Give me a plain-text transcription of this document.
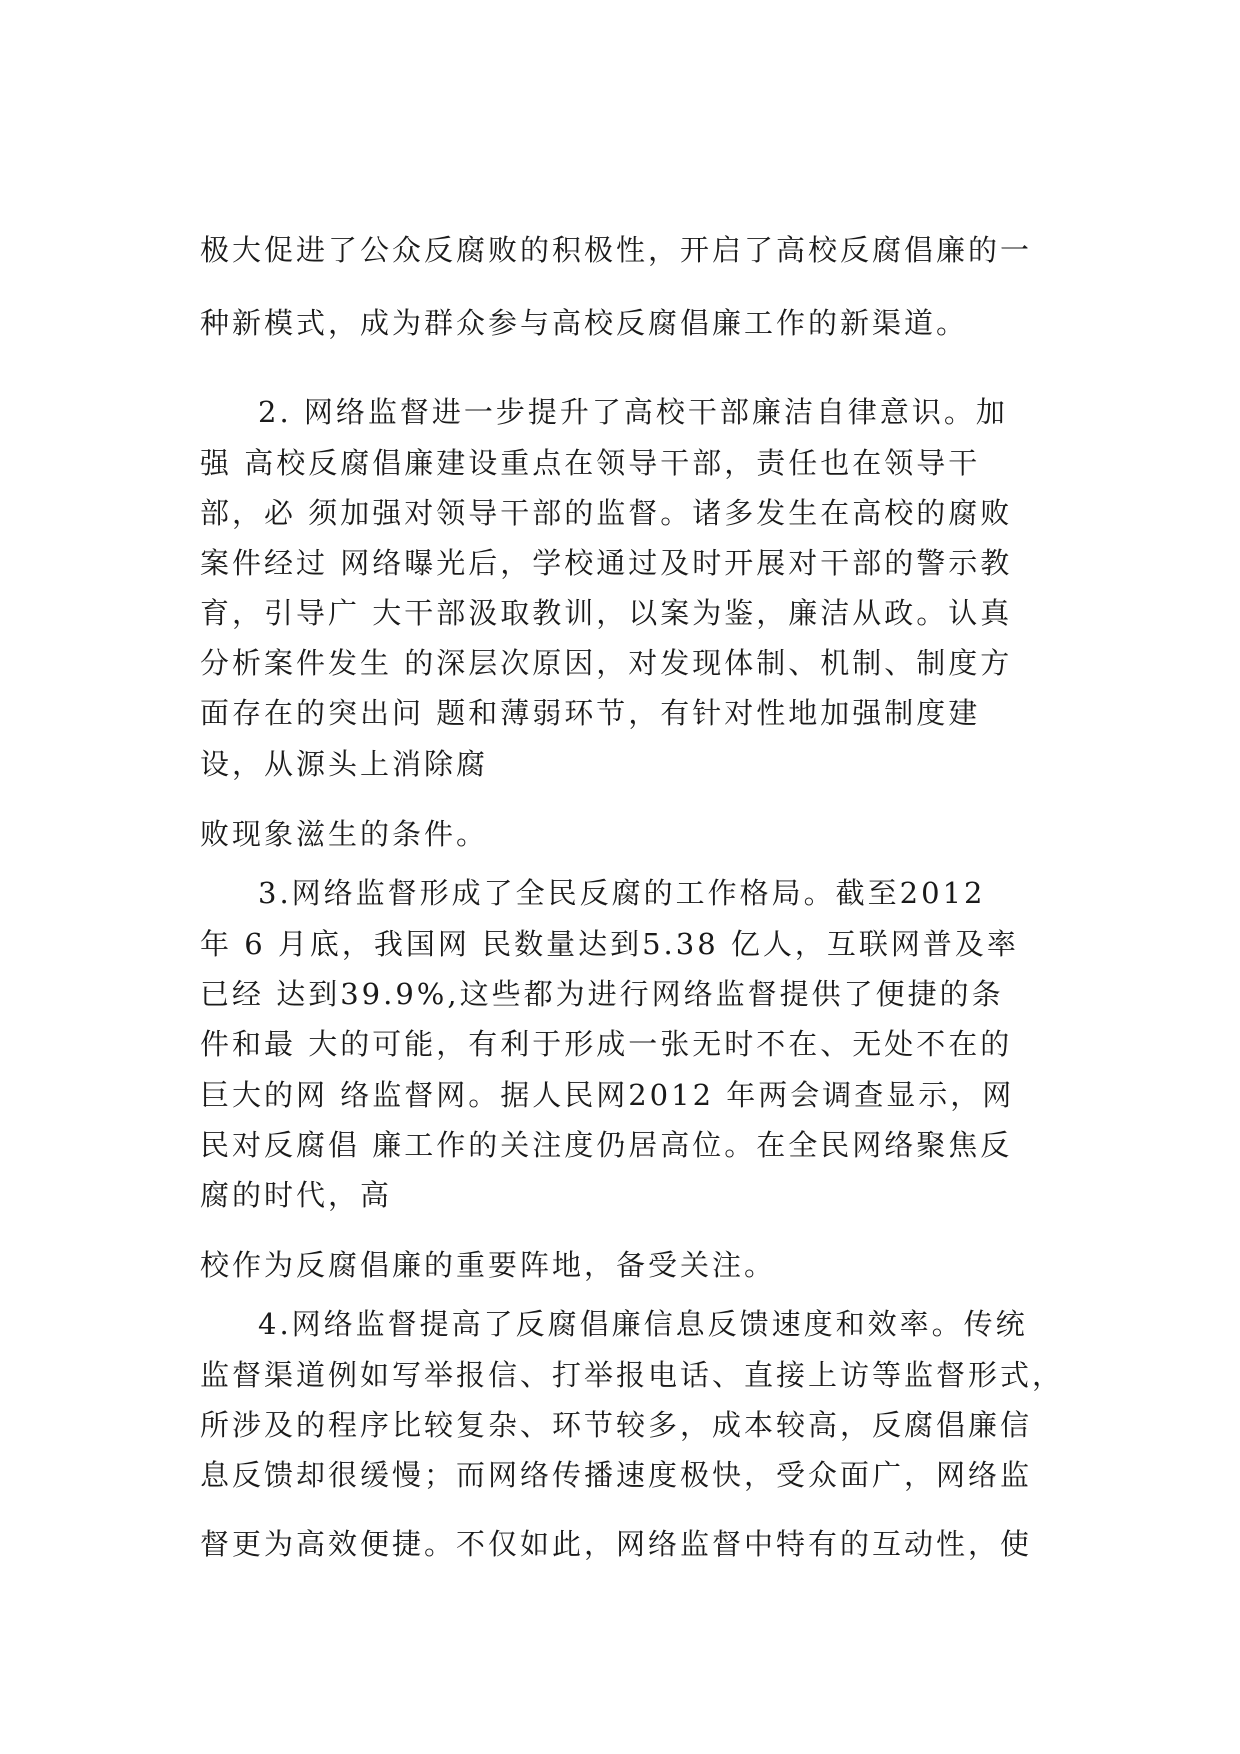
极大促进了公众反腐败的积极性，开启了高校反腐倡廉的一
种新模式，成为群众参与高校反腐倡廉工作的新渠道。
2. 网络监督进一步提升了高校干部廉洁自律意识。加
强 高校反腐倡廉建设重点在领导干部，责任也在领导干
部，必 须加强对领导干部的监督。诸多发生在高校的腐败
案件经过 网络曝光后，学校通过及时开展对干部的警示教
育，引导广 大干部汲取教训，以案为鉴，廉洁从政。认真
分析案件发生 的深层次原因，对发现体制、机制、制度方
面存在的突出问 题和薄弱环节，有针对性地加强制度建
设，从源头上消除腐
败现象滋生的条件。
3.网络监督形成了全民反腐的工作格局。截至2012
年 6 月底，我国网 民数量达到5.38 亿人，互联网普及率
已经 达到39.9%,这些都为进行网络监督提供了便捷的条
件和最 大的可能，有利于形成一张无时不在、无处不在的
巨大的网 络监督网。据人民网2012 年两会调查显示，网
民对反腐倡 廉工作的关注度仍居高位。在全民网络聚焦反
腐的时代，高
校作为反腐倡廉的重要阵地，备受关注。
4.网络监督提高了反腐倡廉信息反馈速度和效率。传统
监督渠道例如写举报信、打举报电话、直接上访等监督形式，
所涉及的程序比较复杂、环节较多，成本较高，反腐倡廉信
息反馈却很缓慢；而网络传播速度极快，受众面广，网络监
督更为高效便捷。不仅如此，网络监督中特有的互动性，使
